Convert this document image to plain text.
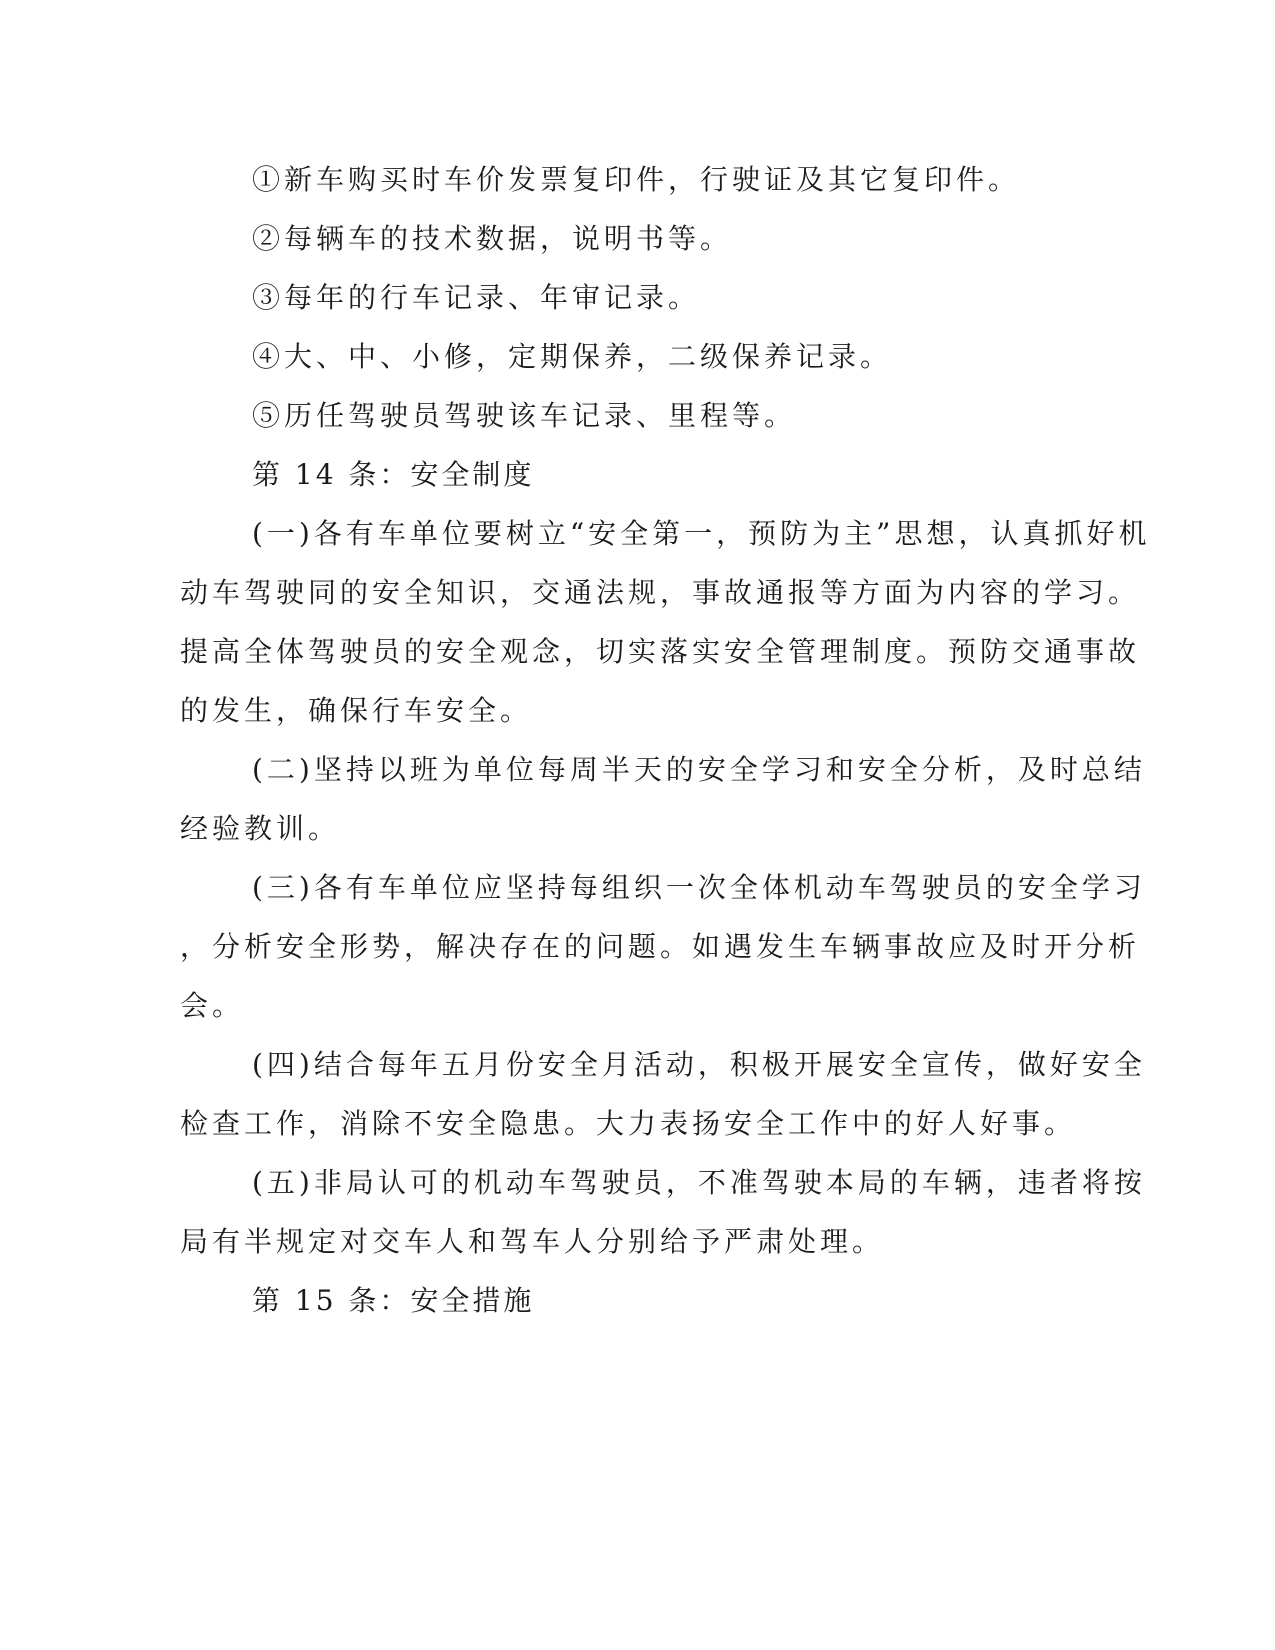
①新车购买时车价发票复印件，行驶证及其它复印件。
②每辆车的技术数据，说明书等。
③每年的行车记录、年审记录。
④大、中、小修，定期保养，二级保养记录。
⑤历任驾驶员驾驶该车记录、里程等。
第 14 条：安全制度
(一)各有车单位要树立“安全第一，预防为主”思想，认真抓好机
动车驾驶同的安全知识，交通法规，事故通报等方面为内容的学习。
提高全体驾驶员的安全观念，切实落实安全管理制度。预防交通事故
的发生，确保行车安全。
(二)坚持以班为单位每周半天的安全学习和安全分析，及时总结
经验教训。
(三)各有车单位应坚持每组织一次全体机动车驾驶员的安全学习
，分析安全形势，解决存在的问题。如遇发生车辆事故应及时开分析
会。
(四)结合每年五月份安全月活动，积极开展安全宣传，做好安全
检查工作，消除不安全隐患。大力表扬安全工作中的好人好事。
(五)非局认可的机动车驾驶员，不准驾驶本局的车辆，违者将按
局有半规定对交车人和驾车人分别给予严肃处理。
第 15 条：安全措施
